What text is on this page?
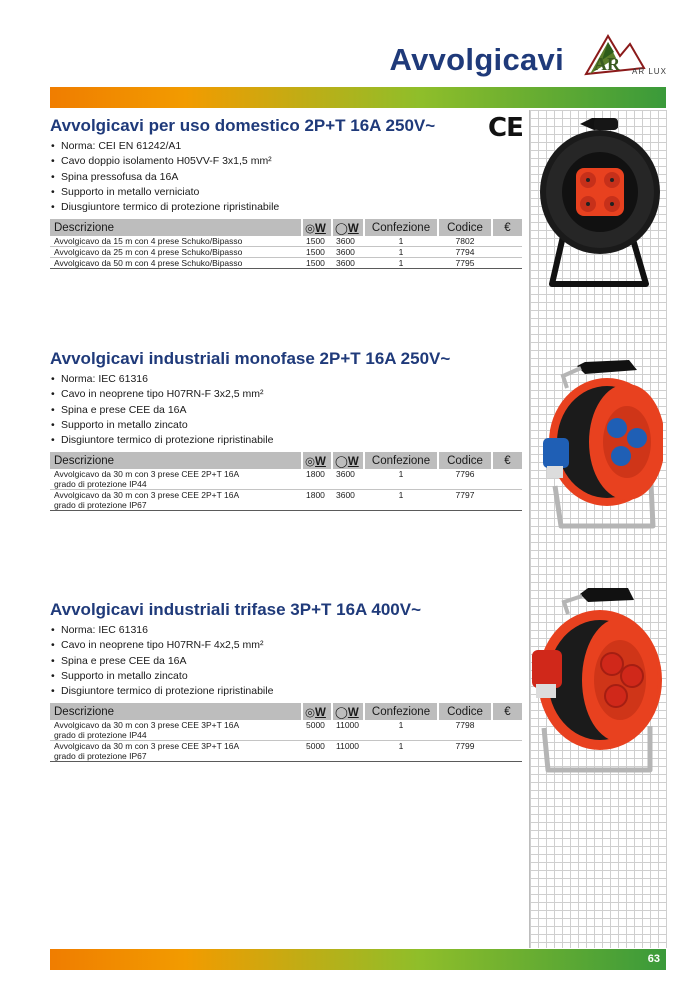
Avvolgicavi AR AR LUX
CE
Avvolgicavi per uso domestico 2P+T 16A 250V~
• Norma: CEI EN 61242/A1
• Cavo doppio isolamento H05VV-F 3x1,5 mm²
• Spina pressofusa da 16A
• Supporto in metallo verniciato
• Diusgiuntore termico di protezione ripristinabile
Descrizione	◎W	◯W	Confezione	Codice	€
Avvolgicavo da 15 m con 4 prese Schuko/Bipasso	1500	3600	1	7802	
Avvolgicavo da 25 m con 4 prese Schuko/Bipasso	1500	3600	1	7794	
Avvolgicavo da 50 m con 4 prese Schuko/Bipasso	1500	3600	1	7795	
Avvolgicavi industriali monofase 2P+T 16A 250V~
• Norma: IEC 61316
• Cavo in neoprene tipo H07RN-F 3x2,5 mm²
• Spina e prese CEE da 16A
• Supporto in metallo zincato
• Disgiuntore termico di protezione ripristinabile
Descrizione	◎W	◯W	Confezione	Codice	€

Avvolgicavo da 30 m con 3 prese CEE 2P+T 16A
grado di protezione IP44	1800	3600	1	7796	

Avvolgicavo da 30 m con 3 prese CEE 2P+T 16A
grado di protezione IP67	1800	3600	1	7797	
Avvolgicavi industriali trifase 3P+T 16A 400V~
• Norma: IEC 61316
• Cavo in neoprene tipo H07RN-F 4x2,5 mm²
• Spina e prese CEE da 16A
• Supporto in metallo zincato
• Disgiuntore termico di protezione ripristinabile
Descrizione	◎W	◯W	Confezione	Codice	€

Avvolgicavo da 30 m con 3 prese CEE 3P+T 16A
grado di protezione IP44	5000	11000	1	7798	

Avvolgicavo da 30 m con 3 prese CEE 3P+T 16A
grado di protezione IP67	5000	11000	1	7799	
63
